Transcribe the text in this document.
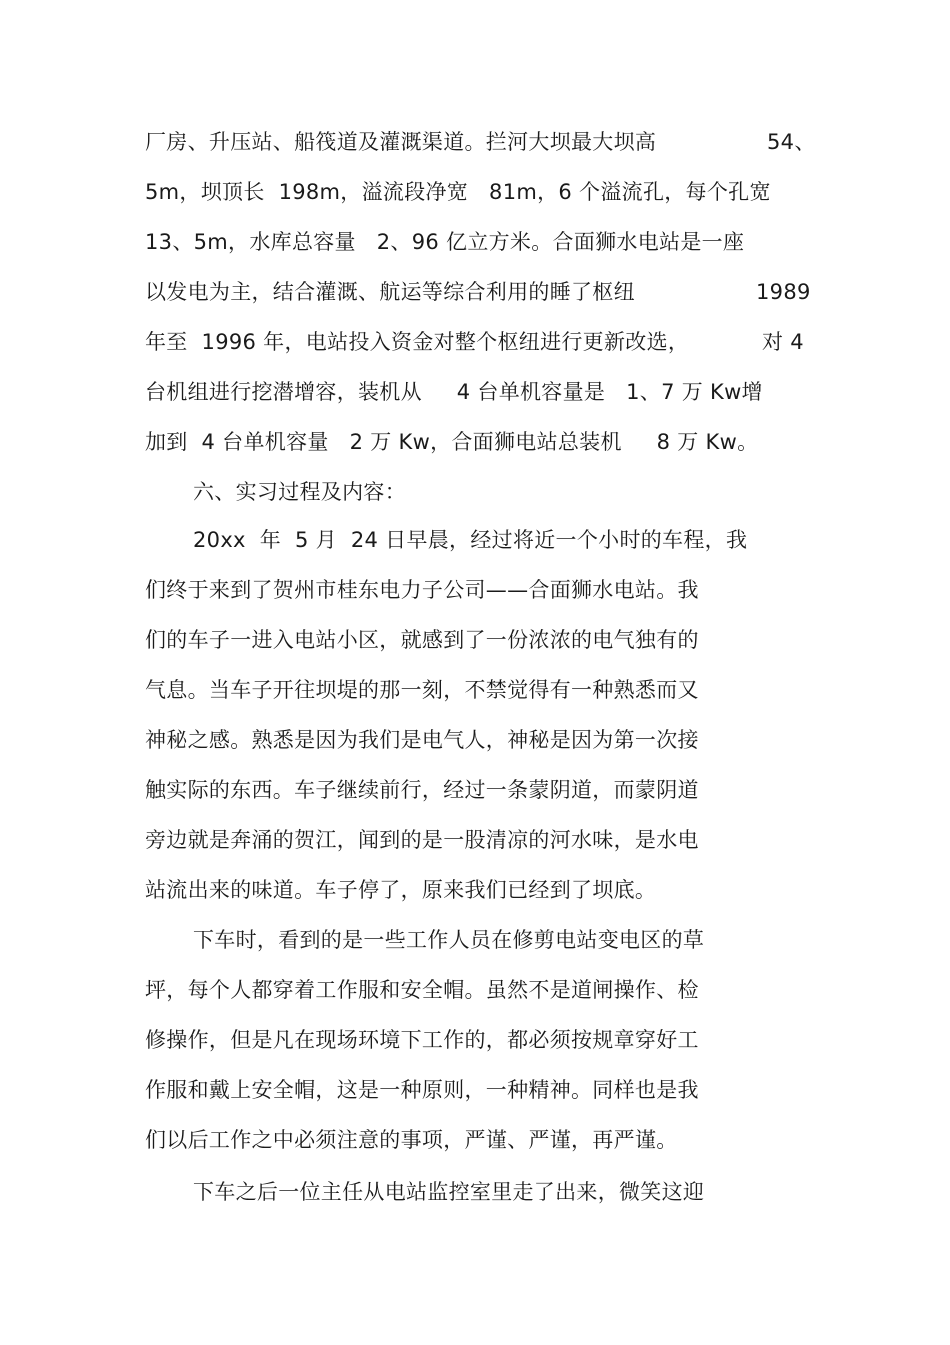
厂房、升压站、船筏道及灌溉渠道。拦河大坝最大坝高

	54、

5m，坝顶长  198m，溢流段净宽   81m，6 个溢流孔，每个孔宽

13、5m，水库总容量   2、96 亿立方米。合面狮水电站是一座

以发电为主，结合灌溉、航运等综合利用的睡了枢纽

	1989

年至  1996 年，电站投入资金对整个枢纽进行更新改选，

	对 4

台机组进行挖潜增容，装机从     4 台单机容量是   1、7 万 Kw增

加到  4 台单机容量   2 万 Kw，合面狮电站总装机     8 万 Kw。

六、实习过程及内容：

20xx  年  5 月  24 日早晨，经过将近一个小时的车程，我

们终于来到了贺州市桂东电力子公司——合面狮水电站。我

们的车子一进入电站小区，就感到了一份浓浓的电气独有的

气息。当车子开往坝堤的那一刻，不禁觉得有一种熟悉而又

神秘之感。熟悉是因为我们是电气人，神秘是因为第一次接

触实际的东西。车子继续前行，经过一条蒙阴道，而蒙阴道

旁边就是奔涌的贺江，闻到的是一股清凉的河水味，是水电

站流出来的味道。车子停了，原来我们已经到了坝底。

下车时，看到的是一些工作人员在修剪电站变电区的草

坪，每个人都穿着工作服和安全帽。虽然不是道闸操作、检

修操作，但是凡在现场环境下工作的，都必须按规章穿好工

作服和戴上安全帽，这是一种原则，一种精神。同样也是我

们以后工作之中必须注意的事项，严谨、严谨，再严谨。

下车之后一位主任从电站监控室里走了出来，微笑这迎
